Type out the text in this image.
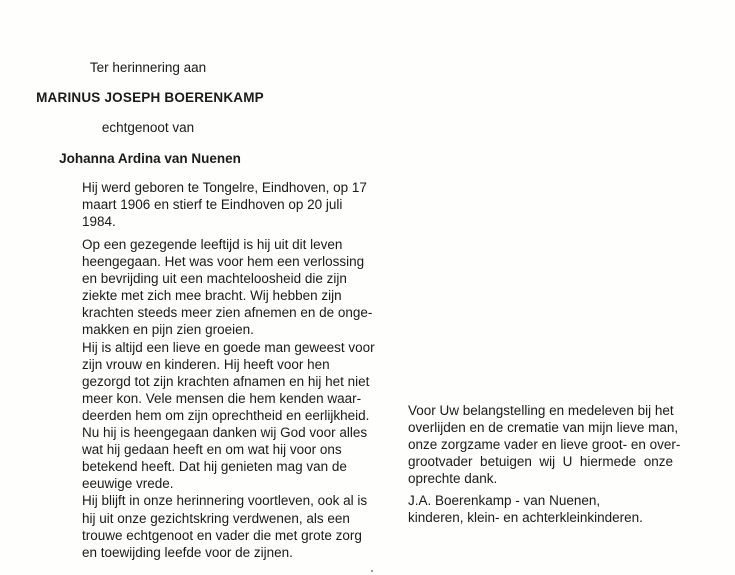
Ter herinnering aan
MARINUS JOSEPH BOERENKAMP
echtgenoot van
Johanna Ardina van Nuenen
Hij werd geboren te Tongelre, Eindhoven, op 17
maart 1906 en stierf te Eindhoven op 20 juli
1984.
Op een gezegende leeftijd is hij uit dit leven
heengegaan. Het was voor hem een verlossing
en bevrijding uit een machteloosheid die zijn
ziekte met zich mee bracht. Wij hebben zijn
krachten steeds meer zien afnemen en de onge-
makken en pijn zien groeien.
Hij is altijd een lieve en goede man geweest voor
zijn vrouw en kinderen. Hij heeft voor hen
gezorgd tot zijn krachten afnamen en hij het niet
meer kon. Vele mensen die hem kenden waar-
deerden hem om zijn oprechtheid en eerlijkheid.
Nu hij is heengegaan danken wij God voor alles
wat hij gedaan heeft en om wat hij voor ons
betekend heeft. Dat hij genieten mag van de
eeuwige vrede.
Hij blijft in onze herinnering voortleven, ook al is
hij uit onze gezichtskring verdwenen, als een
trouwe echtgenoot en vader die met grote zorg
en toewijding leefde voor de zijnen.
Voor Uw belangstelling en medeleven bij het
overlijden en de crematie van mijn lieve man,
onze zorgzame vader en lieve groot- en over-
grootvader betuigen wij U hiermede onze
oprechte dank.
J.A. Boerenkamp - van Nuenen,
kinderen, klein- en achterkleinkinderen.
